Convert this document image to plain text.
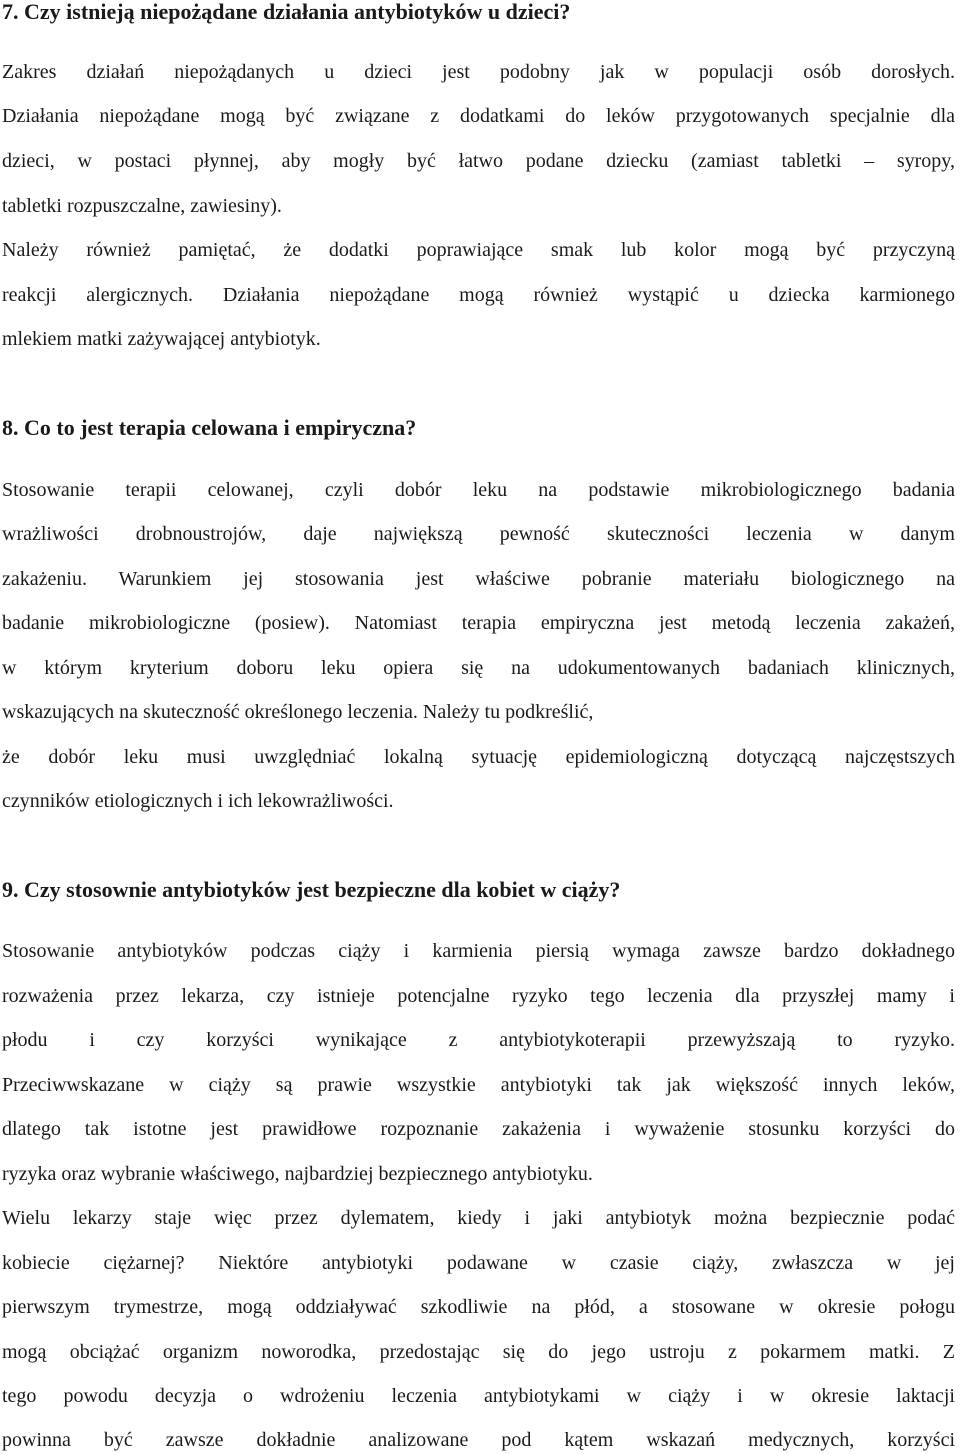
7. Czy istnieją niepożądane działania antybiotyków u dzieci?
Zakres działań niepożądanych u dzieci jest podobny jak w populacji osób dorosłych.
Działania niepożądane mogą być związane z dodatkami do leków przygotowanych specjalnie dla
dzieci, w postaci płynnej, aby mogły być łatwo podane dziecku (zamiast tabletki – syropy,
tabletki rozpuszczalne, zawiesiny).
Należy również pamiętać, że dodatki poprawiające smak lub kolor mogą być przyczyną
reakcji alergicznych. Działania niepożądane mogą również wystąpić u dziecka karmionego
mlekiem matki zażywającej antybiotyk.
8. Co to jest terapia celowana i empiryczna?
Stosowanie terapii celowanej, czyli dobór leku na podstawie mikrobiologicznego badania
wrażliwości drobnoustrojów, daje największą pewność skuteczności leczenia w danym
zakażeniu. Warunkiem jej stosowania jest właściwe pobranie materiału biologicznego na
badanie mikrobiologiczne (posiew). Natomiast terapia empiryczna jest metodą leczenia zakażeń,
w którym kryterium doboru leku opiera się na udokumentowanych badaniach klinicznych,
wskazujących na skuteczność określonego leczenia. Należy tu podkreślić,
że dobór leku musi uwzględniać lokalną sytuację epidemiologiczną dotyczącą najczęstszych
czynników etiologicznych i ich lekowrażliwości.
9. Czy stosownie antybiotyków jest bezpieczne dla kobiet w ciąży?
Stosowanie antybiotyków podczas ciąży i karmienia piersią wymaga zawsze bardzo dokładnego
rozważenia przez lekarza, czy istnieje potencjalne ryzyko tego leczenia dla przyszłej mamy i
płodu i czy korzyści wynikające z antybiotykoterapii przewyższają to ryzyko.
Przeciwwskazane w ciąży są prawie wszystkie antybiotyki tak jak większość innych leków,
dlatego tak istotne jest prawidłowe rozpoznanie zakażenia i wyważenie stosunku korzyści do
ryzyka oraz wybranie właściwego, najbardziej bezpiecznego antybiotyku.
Wielu lekarzy staje więc przez dylematem, kiedy i jaki antybiotyk można bezpiecznie podać
kobiecie ciężarnej? Niektóre antybiotyki podawane w czasie ciąży, zwłaszcza w jej
pierwszym trymestrze, mogą oddziaływać szkodliwie na płód, a stosowane w okresie połogu
mogą obciążać organizm noworodka, przedostając się do jego ustroju z pokarmem matki. Z
tego powodu decyzja o wdrożeniu leczenia antybiotykami w ciąży i w okresie laktacji
powinna być zawsze dokładnie analizowane pod kątem wskazań medycznych, korzyści
